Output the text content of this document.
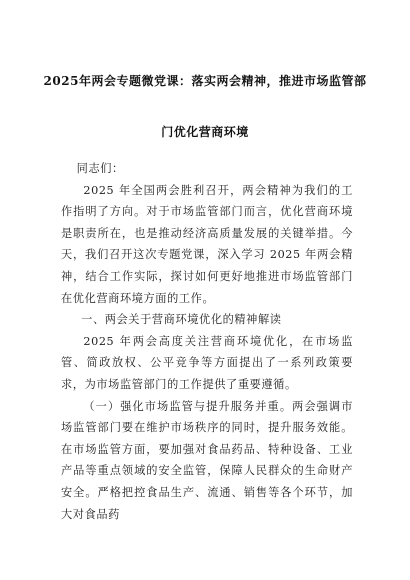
2025年两会专题微党课：落实两会精神，推进市场监管部
门优化营商环境

同志们：

2025 年全国两会胜利召开，两会精神为我们的工作指明了方向。对于市场监管部门而言，优化营商环境是职责所在，也是推动经济高质量发展的关键举措。今天，我们召开这次专题党课，深入学习 2025 年两会精神，结合工作实际，探讨如何更好地推进市场监管部门在优化营商环境方面的工作。

一、两会关于营商环境优化的精神解读

2025 年两会高度关注营商环境优化，在市场监管、简政放权、公平竞争等方面提出了一系列政策要求，为市场监管部门的工作提供了重要遵循。

（一）强化市场监管与提升服务并重。两会强调市场监管部门要在维护市场秩序的同时，提升服务效能。在市场监管方面，要加强对食品药品、特种设备、工业产品等重点领域的安全监管，保障人民群众的生命财产安全。严格把控食品生产、流通、销售等各个环节，加大对食品药
